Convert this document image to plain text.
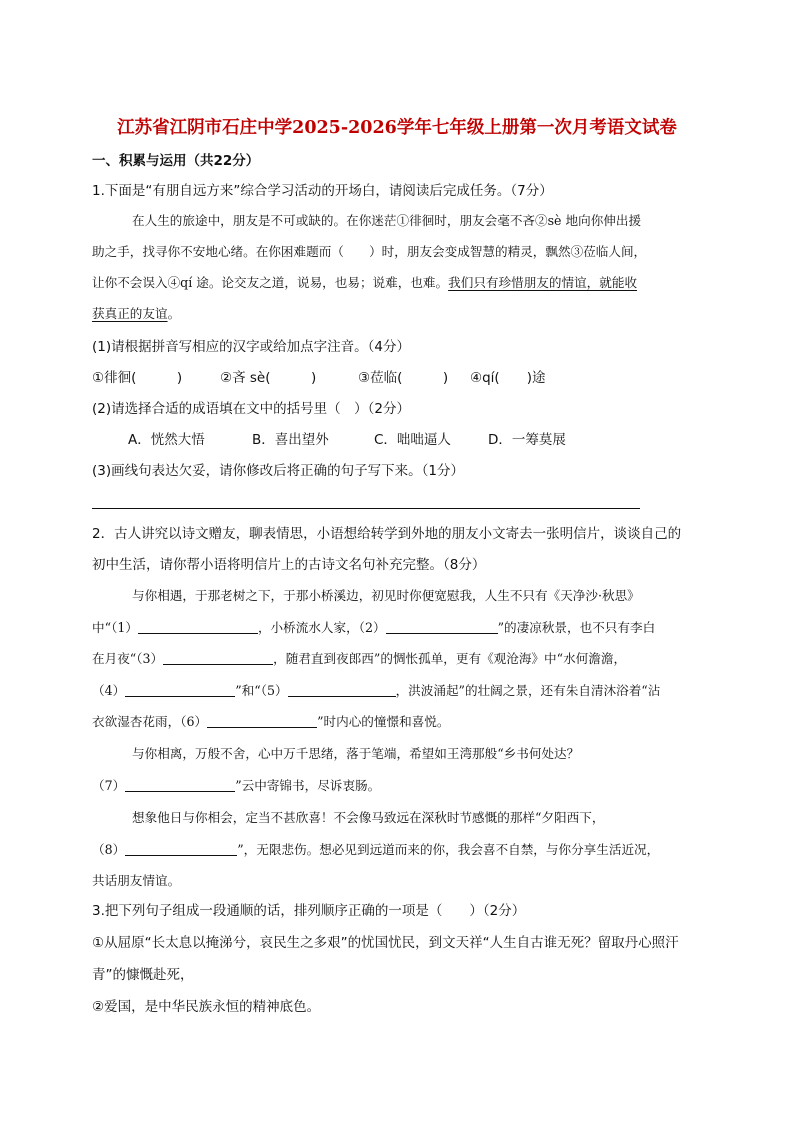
江苏省江阴市石庄中学2025-2026学年七年级上册第一次月考语文试卷
一、积累与运用（共22分）
1.下面是“有朋自远方来”综合学习活动的开场白，请阅读后完成任务。（7分）
在人生的旅途中，朋友是不可或缺的。在你迷茫①徘徊时，朋友会毫不吝②sè 地向你伸出援
助之手，找寻你不安地心绪。在你困难题而（　　）时，朋友会变成智慧的精灵，飘然③莅临人间，
让你不会误入④qí 途。论交友之道，说易，也易；说难，也难。我们只有珍惜朋友的情谊，就能收
获真正的友谊。
(1)请根据拼音写相应的汉字或给加点字注音。（4分）
①徘徊(　　　)	②吝 sè(　　　)	③莅临(　　　) ④qí(　　)途
(2)请选择合适的成语填在文中的括号里（　）（2分）
A．恍然大悟	B．喜出望外	C．咄咄逼人	D．一筹莫展
(3)画线句表达欠妥，请你修改后将正确的句子写下来。（1分）
2．古人讲究以诗文赠友，聊表情思，小语想给转学到外地的朋友小文寄去一张明信片，谈谈自己的
初中生活，请你帮小语将明信片上的古诗文名句补充完整。（8分）
与你相遇，于那老树之下，于那小桥溪边，初见时你便宽慰我，人生不只有《天净沙·秋思》
中“（1）	，小桥流水人家，（2）	”的凄凉秋景，也不只有李白
在月夜“（3）	，随君直到夜郎西”的惆怅孤单，更有《观沧海》中“水何澹澹，
（4）	”和“（5）	，洪波涌起”的壮阔之景，还有朱自清沐浴着“沾
衣欲湿杏花雨，（6）	”时内心的憧憬和喜悦。
与你相离，万般不舍，心中万千思绪，落于笔端，希望如王湾那般“乡书何处达？
（7）	”云中寄锦书，尽诉衷肠。
想象他日与你相会，定当不甚欣喜！不会像马致远在深秋时节感慨的那样“夕阳西下，
（8）	”，无限悲伤。想必见到远道而来的你，我会喜不自禁，与你分享生活近况，
共话朋友情谊。
3.把下列句子组成一段通顺的话，排列顺序正确的一项是（　　）（2分）
①从屈原“长太息以掩涕兮，哀民生之多艰”的忧国忧民，到文天祥“人生自古谁无死？留取丹心照汗
青”的慷慨赴死，
②爱国，是中华民族永恒的精神底色。
